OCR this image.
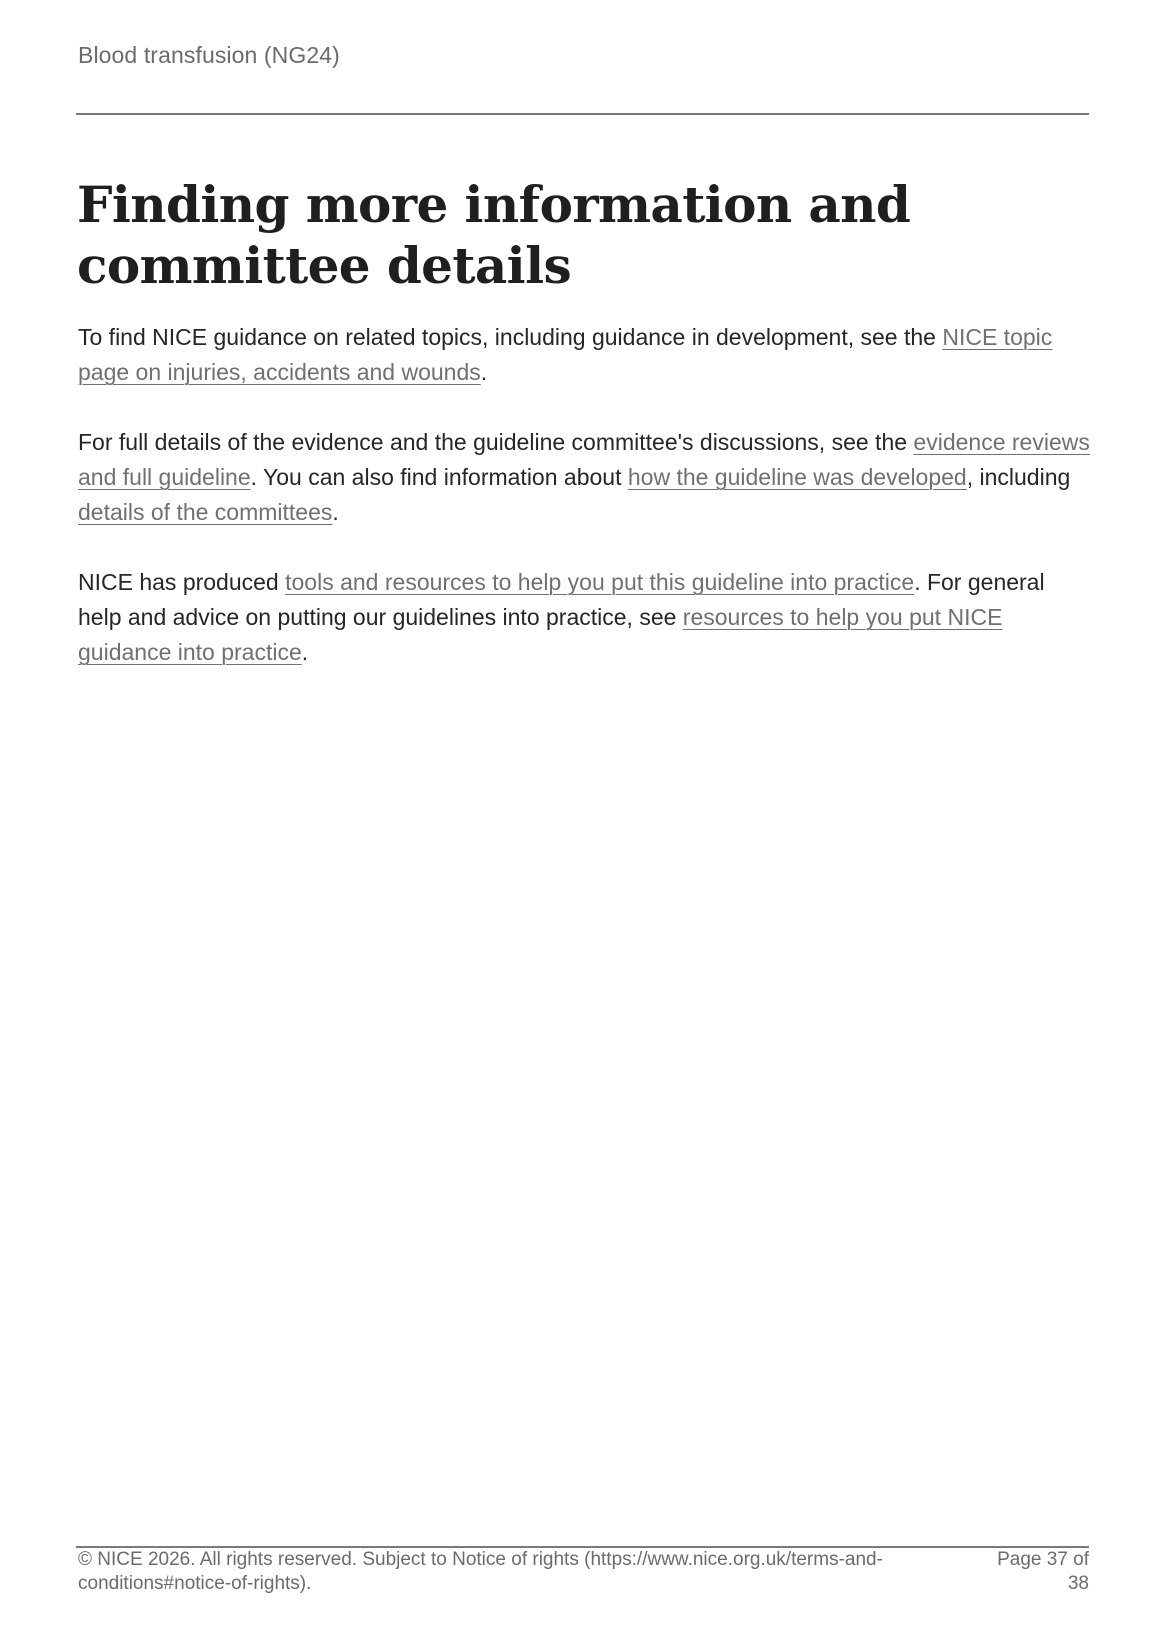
Blood transfusion (NG24)
Finding more information and committee details

To find NICE guidance on related topics, including guidance in development, see the NICE topic page on injuries, accidents and wounds.

For full details of the evidence and the guideline committee's discussions, see the evidence reviews and full guideline. You can also find information about how the guideline was developed, including details of the committees.

NICE has produced tools and resources to help you put this guideline into practice. For general help and advice on putting our guidelines into practice, see resources to help you put NICE guidance into practice.

© NICE 2026. All rights reserved. Subject to Notice of rights (https://www.nice.org.uk/terms-and-conditions#notice-of-rights).
Page 37 of 38
